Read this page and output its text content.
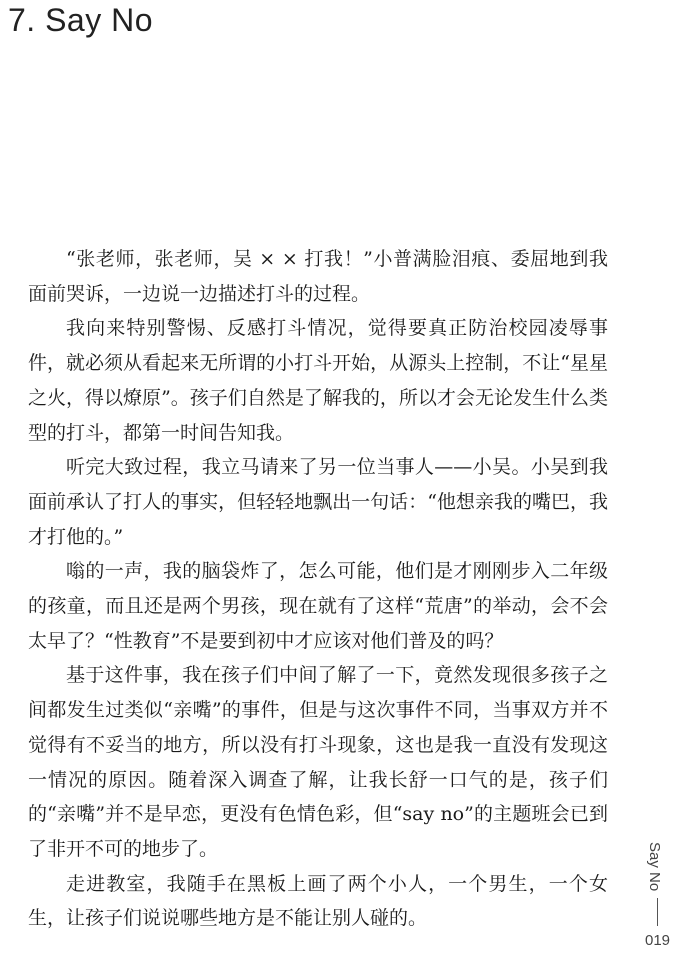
7. Say No

“张老师，张老师，吴 × × 打我！”小普满脸泪痕、委屈地到我面前哭诉，一边说一边描述打斗的过程。

我向来特别警惕、反感打斗情况，觉得要真正防治校园凌辱事件，就必须从看起来无所谓的小打斗开始，从源头上控制，不让“星星之火，得以燎原”。孩子们自然是了解我的，所以才会无论发生什么类型的打斗，都第一时间告知我。

听完大致过程，我立马请来了另一位当事人——小吴。小吴到我面前承认了打人的事实，但轻轻地飘出一句话：“他想亲我的嘴巴，我才打他的。”

嗡的一声，我的脑袋炸了，怎么可能，他们是才刚刚步入二年级的孩童，而且还是两个男孩，现在就有了这样“荒唐”的举动，会不会太早了？“性教育”不是要到初中才应该对他们普及的吗？

基于这件事，我在孩子们中间了解了一下，竟然发现很多孩子之间都发生过类似“亲嘴”的事件，但是与这次事件不同，当事双方并不觉得有不妥当的地方，所以没有打斗现象，这也是我一直没有发现这一情况的原因。随着深入调查了解，让我长舒一口气的是，孩子们的“亲嘴”并不是早恋，更没有色情色彩，但“say no”的主题班会已到了非开不可的地步了。

走进教室，我随手在黑板上画了两个小人，一个男生，一个女生，让孩子们说说哪些地方是不能让别人碰的。

Say No
019
